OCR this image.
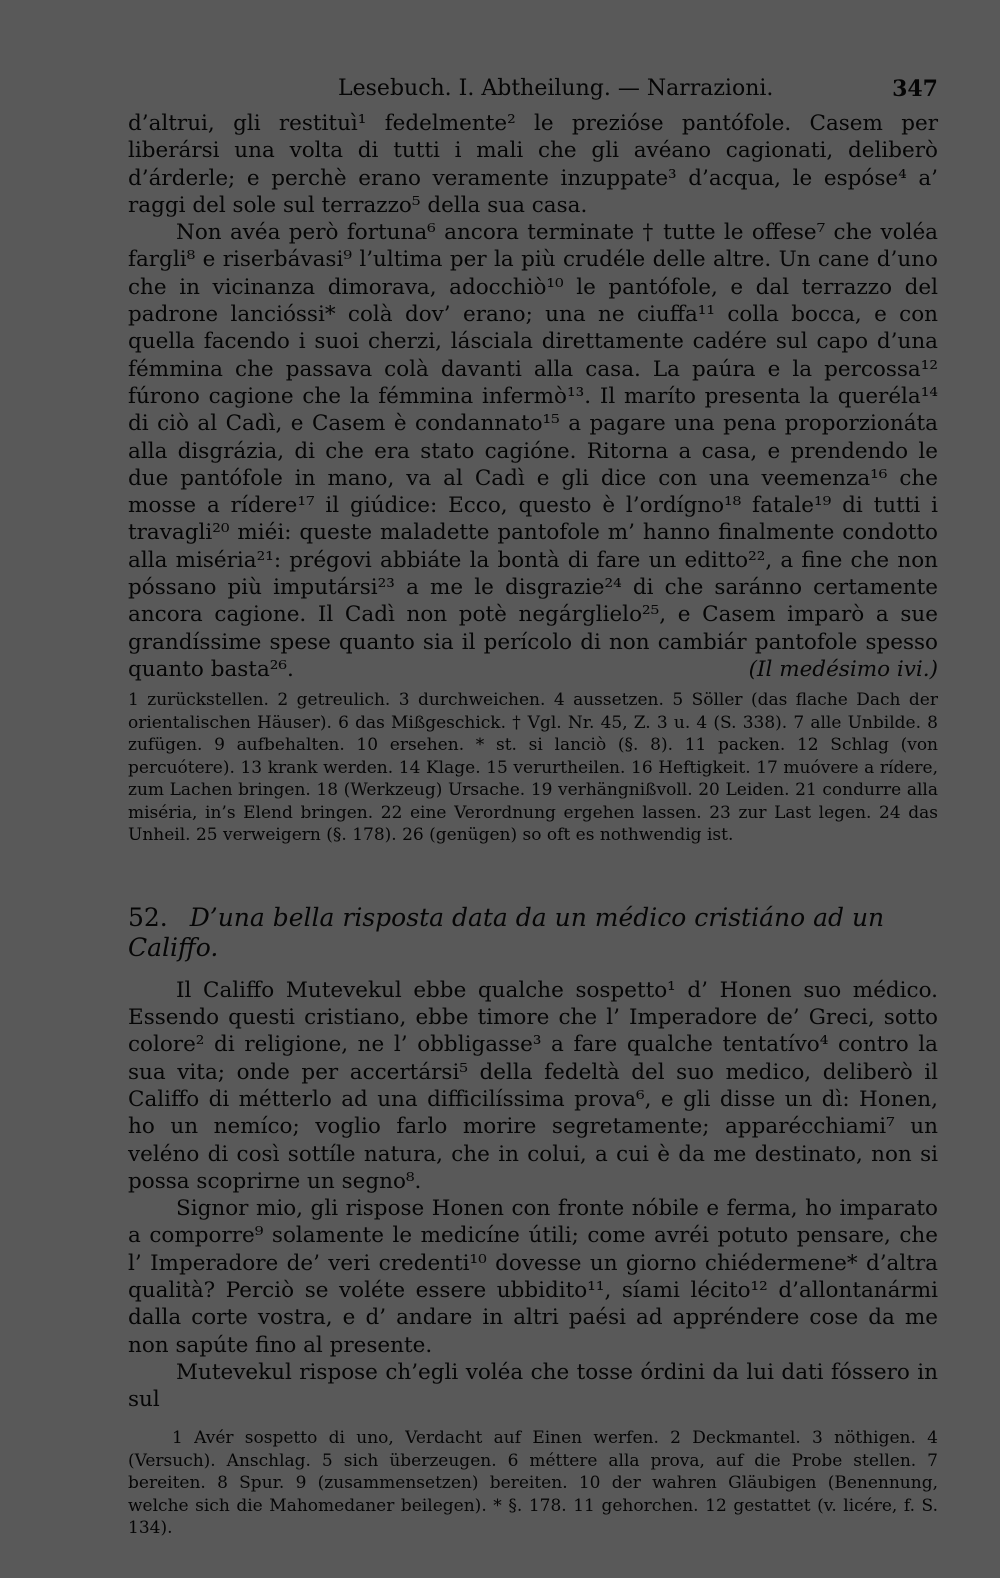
Lesebuch. I. Abtheilung. — Narrazioni.	347

d’altrui, gli restituì¹ fedelmente² le prezióse pantófole. Casem per liberársi una volta di tutti i mali che gli avéano cagionati, deliberò d’árderle; e perchè erano veramente inzuppate³ d’acqua, le espóse⁴ a’ raggi del sole sul terrazzo⁵ della sua casa.

Non avéa però fortuna⁶ ancora terminate † tutte le offese⁷ che voléa fargli⁸ e riserbávasi⁹ l’ultima per la più crudéle delle altre. Un cane d’uno che in vicinanza dimorava, adocchiò¹⁰ le pantófole, e dal terrazzo del padrone lanciόssi* colà dov’ erano; una ne ciuffa¹¹ colla bocca, e con quella facendo i suoi cherzi, lásciala direttamente cadére sul capo d’una fémmina che passava colà davanti alla casa. La paúra e la percossa¹² fúrono cagione che la fémmina infermò¹³. Il maríto presenta la queréla¹⁴ di ciò al Cadì, e Casem è condannato¹⁵ a pagare una pena proporzionáta alla disgrázia, di che era stato cagióne. Ritorna a casa, e prendendo le due pantófole in mano, va al Cadì e gli dice con una veemenza¹⁶ che mosse a rídere¹⁷ il giúdice: Ecco, questo è l’ordígno¹⁸ fatale¹⁹ di tutti i travagli²⁰ miéi: queste maladette pantofole m’ hanno finalmente condotto alla miséria²¹: prégovi abbiáte la bontà di fare un editto²², a fine che non póssano più imputársi²³ a me le disgrazie²⁴ di che saránno certamente ancora cagione. Il Cadì non potè negárglielo²⁵, e Casem imparò a sue grandíssime spese quanto sia il perícolo di non cambiár pantofole spesso quanto basta²⁶.	(Il medésimo ivi.)

1 zurückstellen. 2 getreulich. 3 durchweichen. 4 aussetzen. 5 Söller (das flache Dach der orientalischen Häuser). 6 das Mißgeschick. † Vgl. Nr. 45, Z. 3 u. 4 (S. 338). 7 alle Unbilde. 8 zufügen. 9 aufbehalten. 10 ersehen. * st. si lanciò (§. 8). 11 packen. 12 Schlag (von percuótere). 13 krank werden. 14 Klage. 15 verurtheilen. 16 Heftigkeit. 17 muóvere a rídere, zum Lachen bringen. 18 (Werkzeug) Ursache. 19 verhängnißvoll. 20 Leiden. 21 condurre alla miséria, in’s Elend bringen. 22 eine Verordnung ergehen lassen. 23 zur Last legen. 24 das Unheil. 25 verweigern (§. 178). 26 (genügen) so oft es nothwendig ist.

52. D’una bella risposta data da un médico cristiáno ad un Califfo.

Il Califfo Mutevekul ebbe qualche sospetto¹ d’ Honen suo médico. Essendo questi cristiano, ebbe timore che l’ Imperadore de’ Greci, sotto colore² di religione, ne l’ obbligasse³ a fare qualche tentatívo⁴ contro la sua vita; onde per accertársi⁵ della fedeltà del suo medico, deliberò il Califfo di métterlo ad una difficilíssima prova⁶, e gli disse un dì: Honen, ho un nemíco; voglio farlo morire segretamente; apparécchiami⁷ un veléno di così sottíle natura, che in colui, a cui è da me destinato, non si possa scoprirne un segno⁸.

Signor mio, gli rispose Honen con fronte nóbile e ferma, ho imparato a comporre⁹ solamente le medicíne útili; come avréi potuto pensare, che l’ Imperadore de’ veri credenti¹⁰ dovesse un giorno chiédermene* d’altra qualità? Perciò se voléte essere ubbidito¹¹, síami lécito¹² d’allontanármi dalla corte vostra, e d’ andare in altri paési ad appréndere cose da me non sapúte fino al presente.

Mutevekul rispose ch’egli voléa che tosse órdini da lui dati fóssero in sul

1 Avér sospetto di uno, Verdacht auf Einen werfen. 2 Deckmantel. 3 nöthigen. 4 (Versuch). Anschlag. 5 sich überzeugen. 6 méttere alla prova, auf die Probe stellen. 7 bereiten. 8 Spur. 9 (zusammensetzen) bereiten. 10 der wahren Gläubigen (Benennung, welche sich die Mahomedaner beilegen). * §. 178. 11 gehorchen. 12 gestattet (v. licére, f. S. 134).
